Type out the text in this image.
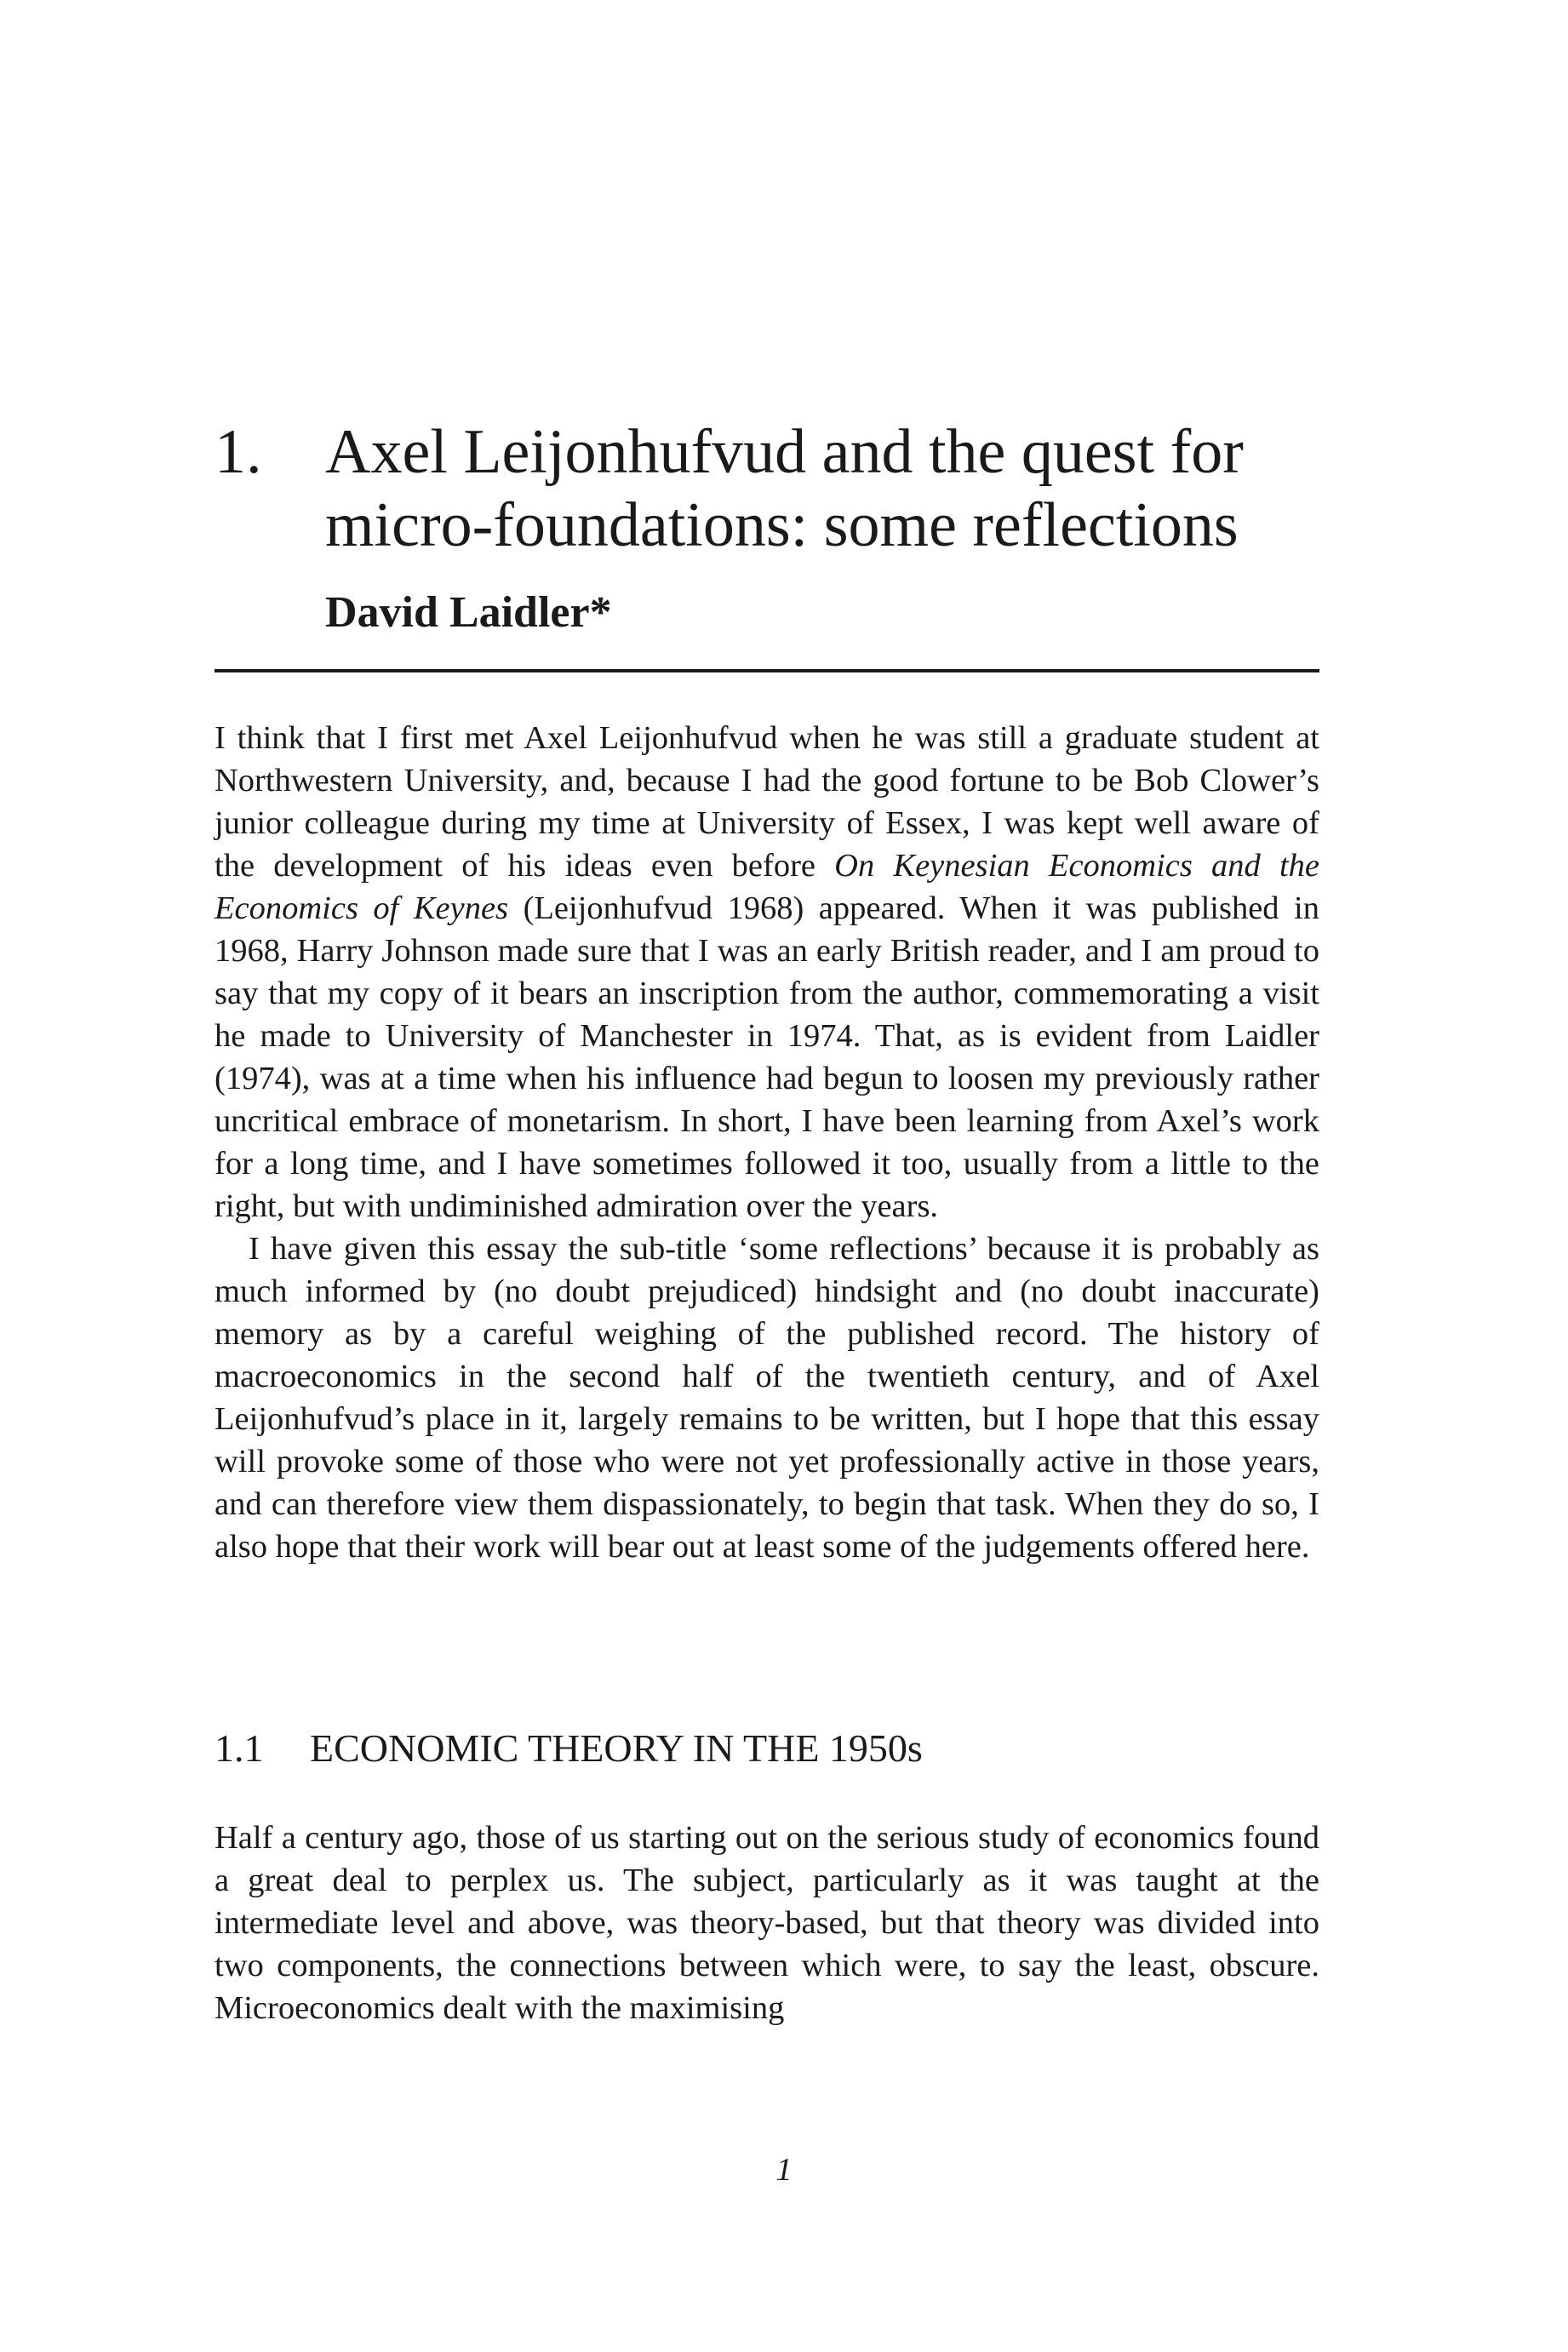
1. Axel Leijonhufvud and the quest for micro-foundations: some reflections
David Laidler*

I think that I first met Axel Leijonhufvud when he was still a graduate student at Northwestern University, and, because I had the good fortune to be Bob Clower’s junior colleague during my time at University of Essex, I was kept well aware of the development of his ideas even before On Keynesian Economics and the Economics of Keynes (Leijonhufvud 1968) appeared. When it was published in 1968, Harry Johnson made sure that I was an early British reader, and I am proud to say that my copy of it bears an inscription from the author, commemorating a visit he made to University of Manchester in 1974. That, as is evident from Laidler (1974), was at a time when his influence had begun to loosen my previously rather uncritical embrace of monetarism. In short, I have been learning from Axel’s work for a long time, and I have sometimes followed it too, usually from a little to the right, but with undiminished admiration over the years.

I have given this essay the sub-title ‘some reflections’ because it is probably as much informed by (no doubt prejudiced) hindsight and (no doubt inaccurate) memory as by a careful weighing of the published record. The history of macroeconomics in the second half of the twentieth century, and of Axel Leijonhufvud’s place in it, largely remains to be written, but I hope that this essay will provoke some of those who were not yet professionally active in those years, and can therefore view them dispassionately, to begin that task. When they do so, I also hope that their work will bear out at least some of the judgements offered here.

1.1 ECONOMIC THEORY IN THE 1950s

Half a century ago, those of us starting out on the serious study of economics found a great deal to perplex us. The subject, particularly as it was taught at the intermediate level and above, was theory-based, but that theory was divided into two components, the connections between which were, to say the least, obscure. Microeconomics dealt with the maximising

1
